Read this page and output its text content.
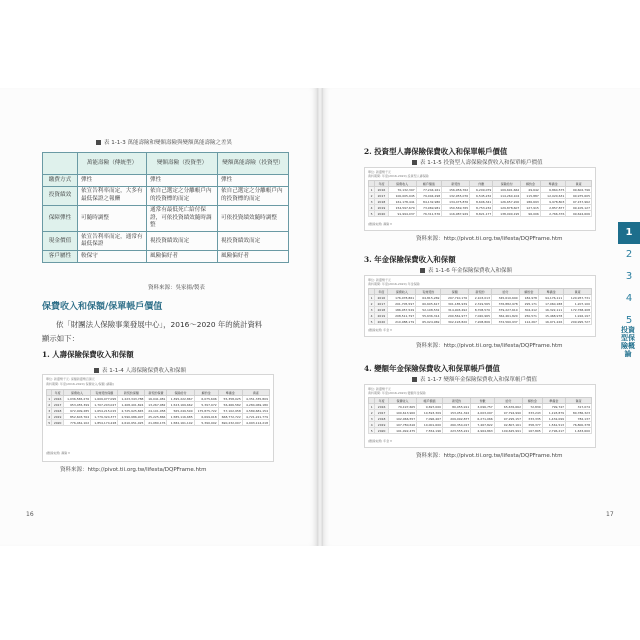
表 1-1-3 萬能壽險和變額壽險與變額萬能壽險之差異
	萬能壽險（傳統型）	變額壽險（投資型）	變額萬能壽險（投資型）
繳費方式	彈性	彈性	彈性
投資績效	依宣告利率而定，大多有最低保證之報酬	依自己選定之分離帳戶內的投資標的而定	依自己選定之分離帳戶內的投資標的而定
保障彈性	可隨時調整	通常有最低死亡給付保證，可依投資績效隨時調整	可依投資績效隨時調整
現金價值	依宣告利率而定，通常有最低保證	視投資績效而定	視投資績效而定
客戶屬性	較保守	風險偏好者	風險偏好者
資料來源：吳家揚/製表
保費收入和保額/保單帳戶價值
依「財團法人保險事業發展中心」，2016～2020 年的統計資料
顯示如下：
1. 人壽保險保費收入和保額
表 1-1-4 人壽保險保費收入和保額
單位: 新臺幣千元; 保額新臺幣百萬元
資料期間: 年度(2016-2020) 保費收入/保額 (壽險)
	年度	保費收入	有效契約保額	新契約保額	新契約保費	保險給付	解約金	準備金	資產
1	2016	1,036,565,276	1,609,077,095	1,223,343,788	16,041,081	1,395,222,867	6,075,696	55,358,025	4,351,335,809
2	2017	953,455,399	1,707,203,027	1,408,401,824	13,267,082	1,523,169,662	5,397,972	56,466,582	4,284,069,180
3	2018	972,009,285	1,654,215,015	2,725,925,845	24,101,058	565,249,590	175,875,722	57,102,958	4,589,681,154
4	2019	852,603,764	1,779,324,377	2,590,986,907	25,225,866	1,585,116,685	6,699,918	668,772,722	4,721,221,779
5	2020	776,461,102	1,854,174,228	2,610,951,025	21,080,176	1,582,161,102	5,390,902	690,232,007	4,993,114,218
(數據來源) 壽險 ▾
資料來源：http://pivot.tii.org.tw/lifesta/DQPFrame.htm
16
2. 投資型人壽保險保費收入和保單帳戶價值
表 1-1-5 投資型人壽保險保費收入和保單帳戶價值
單位: 新臺幣千元
資料期間: 年度(2016-2020) 投資型人壽保險
	年度	保費收入	帳戶價值	新契約	件數	保險給付	解約金	準備金	資產
1	2016	70,132,397	77,244,161	156,956,762	6,209,079	109,691,662	49,642	6,864,575	99,602,796
2	2017	100,005,945	79,004,298	132,955,076	6,545,232	114,260,104	115,887	12,020,631	90,975,605
3	2018	161,178,441	84,132,980	134,475,876	8,606,341	126,657,200	186,693	9,978,803	97,157,962
4	2019	154,597,679	73,969,981	150,569,765	8,753,232	129,878,607	127,915	2,857,877	99,105,127
5	2020	91,994,037	76,311,576	116,987,929	8,821,177	138,090,195	96,006	2,766,376	99,624,606
(數據來源) 壽險 ▾
資料來源：http://pivot.tii.org.tw/lifesta/DQPFrame.htm
3. 年金保險保費收入和保額
表 1-1-6 年金保險保費收入和保額
單位: 新臺幣千元
資料期間: 年度(2016-2020) 年金保險
	年度	保費收入	有效契約	保額	新契約	給付	解約金	準備金	資產
1	2016	176,078,861	64,815,269	297,710,176	2,103,013	345,610,690	182,978	94,176,111	120,957,731
2	2017	201,705,597	60,605,617	301,185,939	2,319,565	376,882,978	295,171	17,060,188	1,207,100
3	2018	186,057,529	52,108,532	314,903,492	8,708,570	379,227,610	304,412	16,322,111	172,768,408
4	2019	208,511,797	55,636,314	290,561,977	7,020,965	362,461,820	250,571	15,468,978	1,916,197
5	2020	210,088,179	65,024,969	302,193,820	7,208,806	372,560,937	112,267	16,971,226	209,995,727
(數據來源) 年金 ▾
資料來源：http://pivot.tii.org.tw/lifesta/DQPFrame.htm
4. 變額年金保險保費收入和保單帳戶價值
表 1-1-7 變額年金保險保費收入和保單帳戶價值
單位: 新臺幣千元
資料期間: 年度(2016-2020) 變額年金保險
	年度	保費收入	帳戶價值	新契約	件數	給付	解約金	準備金	資產
1	2016	79,197,605	9,697,000	80,055,911	3,096,757	65,676,662	72,830	799,747	317,074
2	2017	100,613,900	10,593,309	153,051,322	4,003,097	97,794,990	333,243	1,193,879	80,786,323
3	2018	102,066,557	7,096,467	209,092,877	6,271,066	97,295,157	333,335	1,432,099	782,137
4	2019	107,780,616	10,001,600	260,354,017	7,467,822	92,807,161	358,377	1,561,513	76,800,378
5	2020	101,992,475	7,554,196	223,555,221	4,964,863	109,625,991	167,805	2,796,217	1,633,600
(數據來源) 年金 ▾
資料來源：http://pivot.tii.org.tw/lifesta/DQPFrame.htm
17
1
2
3
4
5
投資型保險概論
